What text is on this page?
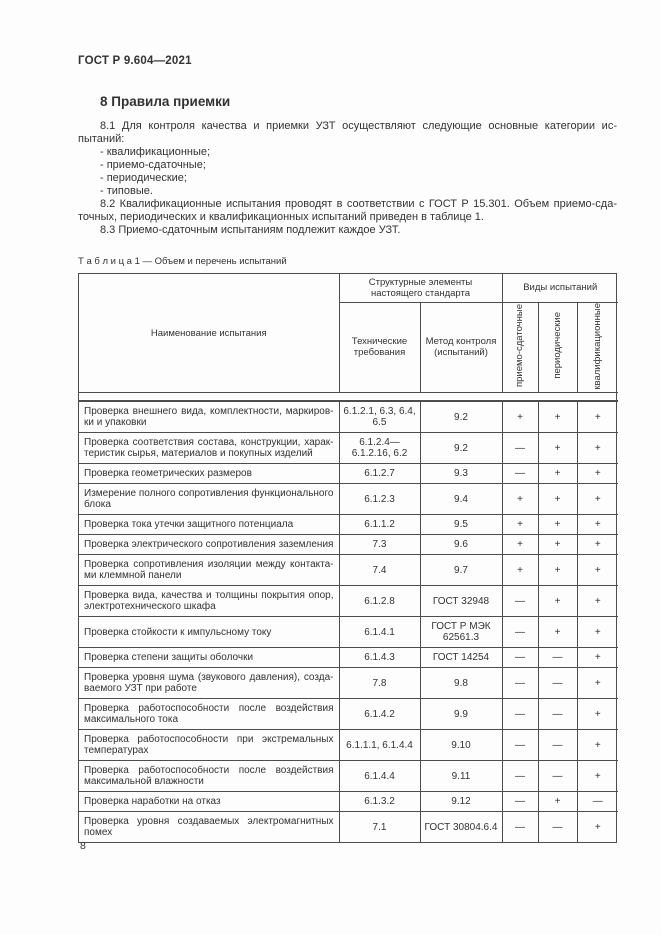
ГОСТ Р 9.604—2021
8 Правила приемки
8.1 Для контроля качества и приемки УЗТ осуществляют следующие основные категории ис-
пытаний:
- квалификационные;
- приемо-сдаточные;
- периодические;
- типовые.
8.2 Квалификационные испытания проводят в соответствии с ГОСТ Р 15.301. Объем приемо-сда-
точных, периодических и квалификационных испытаний приведен в таблице 1.
8.3 Приемо-сдаточным испытаниям подлежит каждое УЗТ.
Т а б л и ц а 1 — Объем и перечень испытаний
Наименование испытания	Структурные элементы настоящего стандарта		Виды испытаний		
	Технические требования	Метод контроля (испытаний)	приемо-сдаточные	периодические	квалификационные
Проверка внешнего вида, комплектности, маркировки и упаковки	6.1.2.1, 6.3, 6.4, 6.5	9.2	+	+	+
Проверка соответствия состава, конструкции, характеристик сырья, материалов и покупных изделий	6.1.2.4—​6.1.2.16, 6.2	9.2	—	+	+
Проверка геометрических размеров	6.1.2.7	9.3	—	+	+
Измерение полного сопротивления функционального блока	6.1.2.3	9.4	+	+	+
Проверка тока утечки защитного потенциала	6.1.1.2	9.5	+	+	+
Проверка электрического сопротивления заземления	7.3	9.6	+	+	+
Проверка сопротивления изоляции между контактами клеммной панели	7.4	9.7	+	+	+
Проверка вида, качества и толщины покрытия опор, электротехнического шкафа	6.1.2.8	ГОСТ 32948	—	+	+
Проверка стойкости к импульсному току	6.1.4.1	ГОСТ Р МЭК 62561.3	—	+	+
Проверка степени защиты оболочки	6.1.4.3	ГОСТ 14254	—	—	+
Проверка уровня шума (звукового давления), создаваемого УЗТ при работе	7.8	9.8	—	—	+
Проверка работоспособности после воздействия максимального тока	6.1.4.2	9.9	—	—	+
Проверка работоспособности при экстремальных температурах	6.1.1.1, 6.1.4.4	9.10	—	—	+
Проверка работоспособности после воздействия максимальной влажности	6.1.4.4	9.11	—	—	+
Проверка наработки на отказ	6.1.3.2	9.12	—	+	—
Проверка уровня создаваемых электромагнитных помех	7.1	ГОСТ 30804.6.4	—	—	+
8
